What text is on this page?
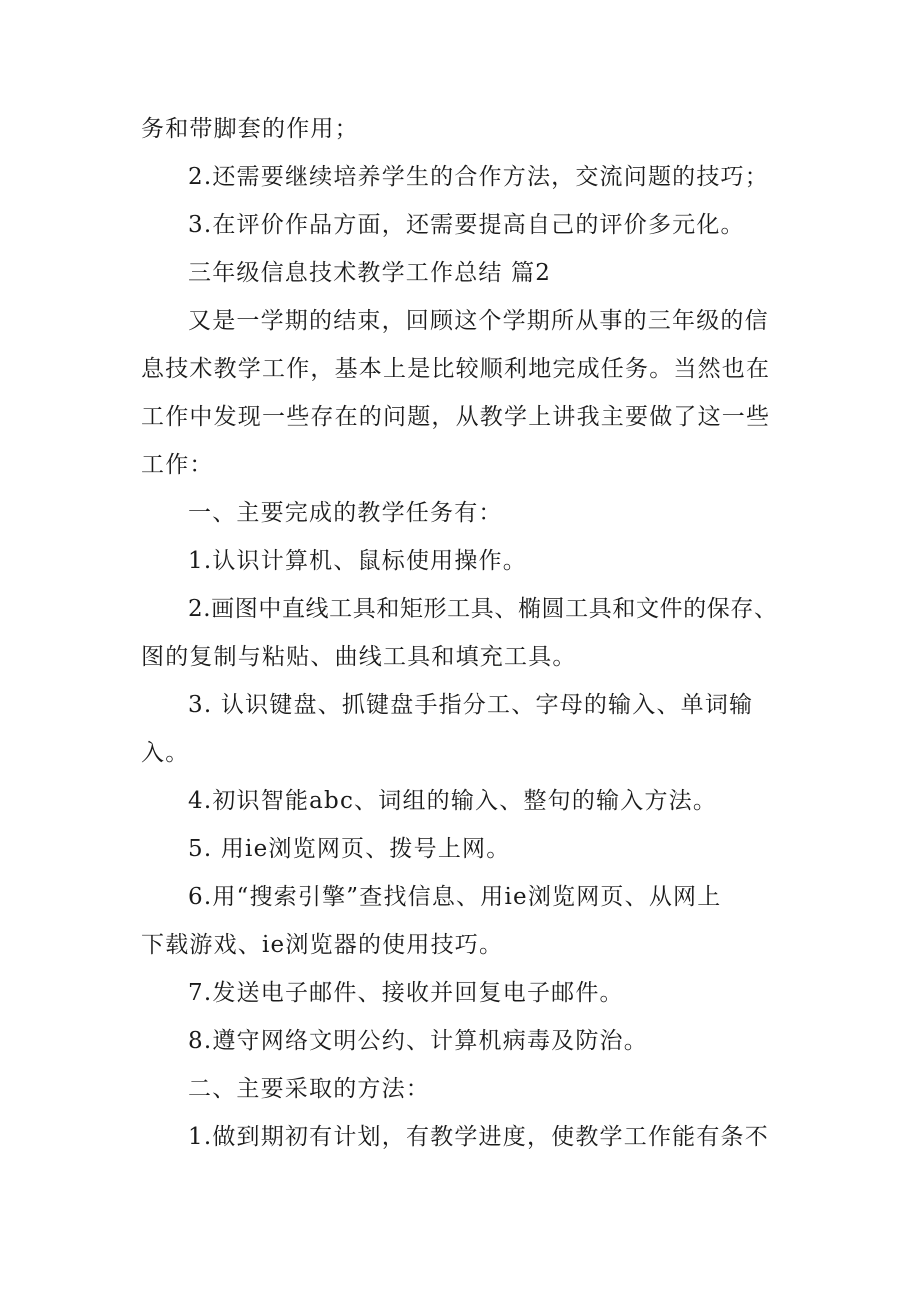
务和带脚套的作用；

2.还需要继续培养学生的合作方法，交流问题的技巧；

3.在评价作品方面，还需要提高自己的评价多元化。

三年级信息技术教学工作总结 篇2

又是一学期的结束，回顾这个学期所从事的三年级的信

息技术教学工作，基本上是比较顺利地完成任务。当然也在

工作中发现一些存在的问题，从教学上讲我主要做了这一些

工作：

一、主要完成的教学任务有：

1.认识计算机、鼠标使用操作。

2.画图中直线工具和矩形工具、椭圆工具和文件的保存、

图的复制与粘贴、曲线工具和填充工具。

3. 认识键盘、抓键盘手指分工、字母的输入、单词输

入。

4.初识智能abc、词组的输入、整句的输入方法。

5. 用ie浏览网页、拨号上网。

6.用“搜索引擎”查找信息、用ie浏览网页、从网上

下载游戏、ie浏览器的使用技巧。

7.发送电子邮件、接收并回复电子邮件。

8.遵守网络文明公约、计算机病毒及防治。

二、主要采取的方法：

1.做到期初有计划，有教学进度，使教学工作能有条不
